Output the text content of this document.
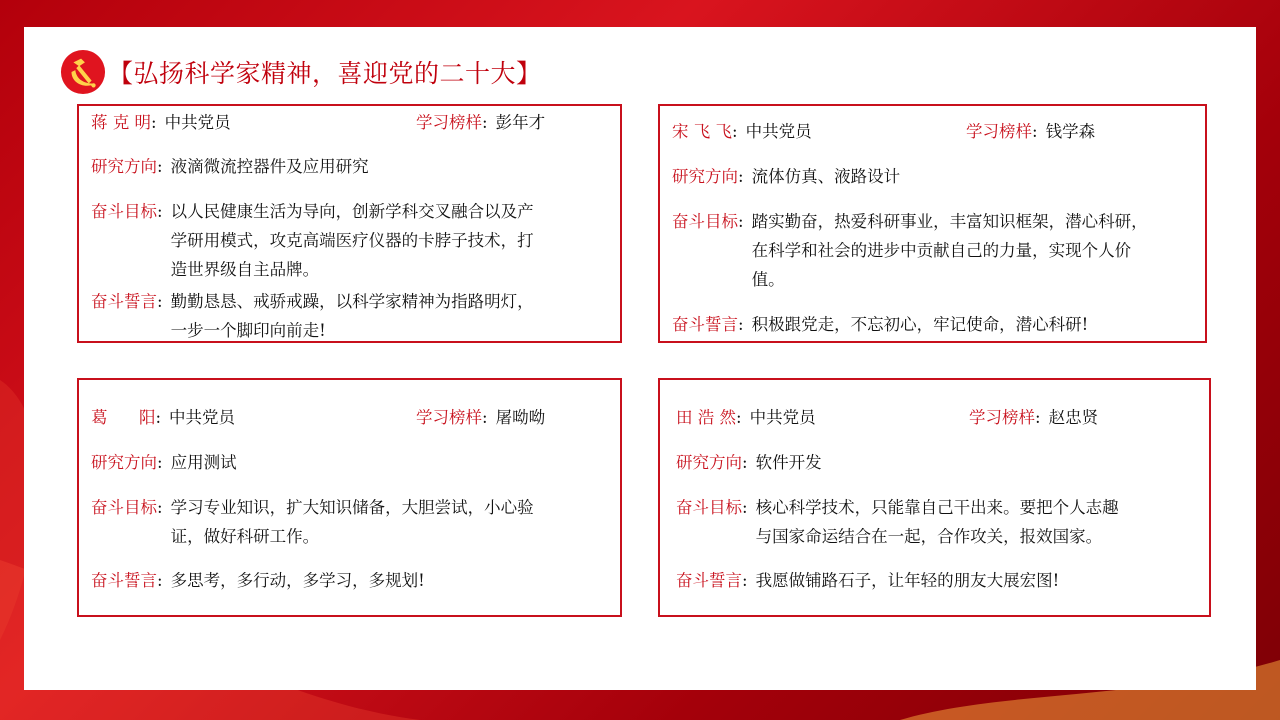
【弘扬科学家精神，喜迎党的二十大】
蒋 克 明 : 中共党员	学习榜样: 彭年才
研究方向 : 液滴微流控器件及应用研究
奋斗目标 : 以人民健康生活为导向，创新学科交叉融合以及产
学研用模式，攻克高端医疗仪器的卡脖子技术，打
造世界级自主品牌。
奋斗誓言 : 勤勤恳恳、戒骄戒躁，以科学家精神为指路明灯，
一步一个脚印向前走!
宋 飞 飞 : 中共党员	学习榜样: 钱学森
研究方向 : 流体仿真、液路设计
奋斗目标 : 踏实勤奋，热爱科研事业，丰富知识框架，潜心科研，
在科学和社会的进步中贡献自己的力量，实现个人价
值。
奋斗誓言 : 积极跟党走，不忘初心，牢记使命，潜心科研!
葛      阳 : 中共党员	学习榜样: 屠呦呦
研究方向 : 应用测试
奋斗目标 : 学习专业知识，扩大知识储备，大胆尝试，小心验
证，做好科研工作。
奋斗誓言 : 多思考，多行动，多学习，多规划!
田 浩 然 : 中共党员	学习榜样: 赵忠贤
研究方向 : 软件开发
奋斗目标 : 核心科学技术，只能靠自己干出来。要把个人志趣
与国家命运结合在一起，合作攻关，报效国家。
奋斗誓言 : 我愿做铺路石子，让年轻的朋友大展宏图!
